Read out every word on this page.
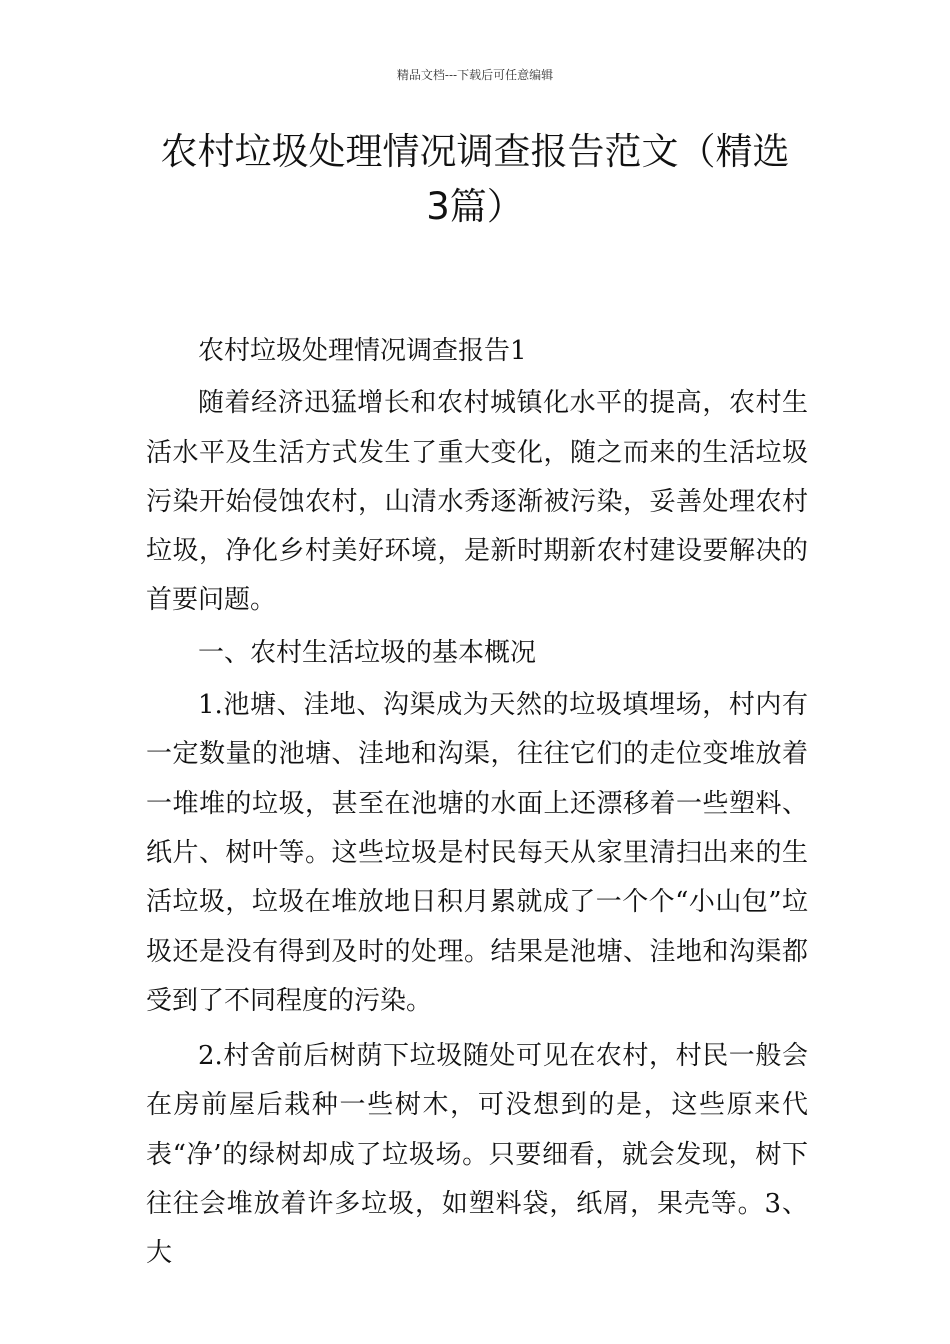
精品文档---下载后可任意编辑
农村垃圾处理情况调查报告范文（精选
3篇）

农村垃圾处理情况调查报告1

随着经济迅猛增长和农村城镇化水平的提高，农村生活水平及生活方式发生了重大变化，随之而来的生活垃圾污染开始侵蚀农村，山清水秀逐渐被污染，妥善处理农村垃圾，净化乡村美好环境，是新时期新农村建设要解决的首要问题。

一、农村生活垃圾的基本概况

1.池塘、洼地、沟渠成为天然的垃圾填埋场，村内有一定数量的池塘、洼地和沟渠，往往它们的走位变堆放着一堆堆的垃圾，甚至在池塘的水面上还漂移着一些塑料、纸片、树叶等。这些垃圾是村民每天从家里清扫出来的生活垃圾，垃圾在堆放地日积月累就成了一个个“小山包”垃圾还是没有得到及时的处理。结果是池塘、洼地和沟渠都受到了不同程度的污染。

2.村舍前后树荫下垃圾随处可见在农村，村民一般会在房前屋后栽种一些树木，可没想到的是，这些原来代表“净’的绿树却成了垃圾场。只要细看，就会发现，树下往往会堆放着许多垃圾，如塑料袋，纸屑，果壳等。3、大
